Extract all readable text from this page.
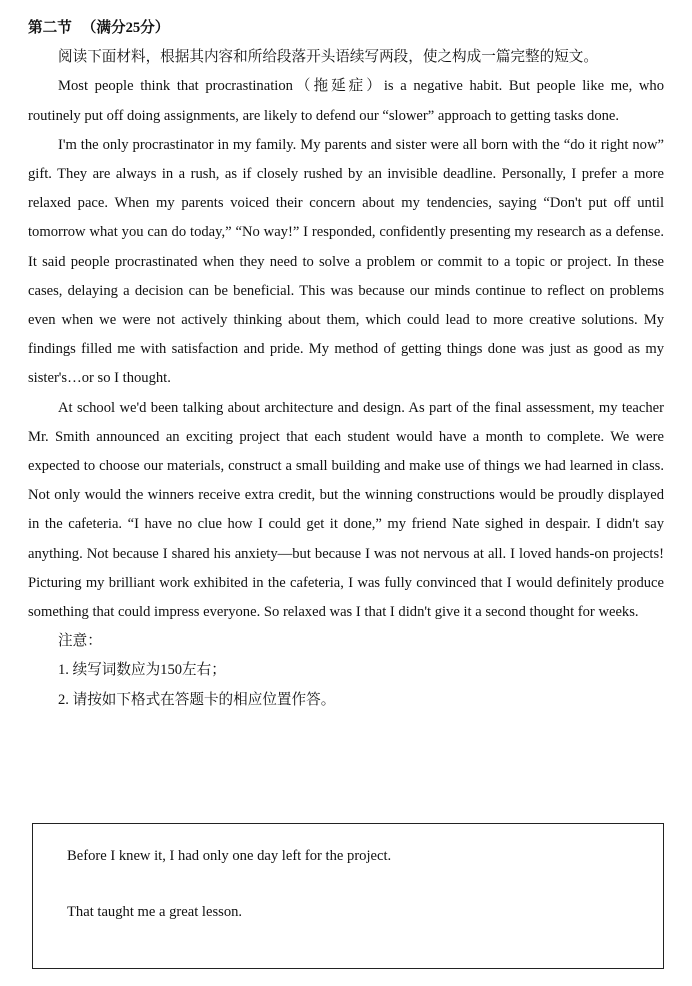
第二节 （满分25分）

阅读下面材料，根据其内容和所给段落开头语续写两段，使之构成一篇完整的短文。

Most people think that procrastination（拖延症）is a negative habit. But people like me, who routinely put off doing assignments, are likely to defend our “slower” approach to getting tasks done.

I'm the only procrastinator in my family. My parents and sister were all born with the “do it right now” gift. They are always in a rush, as if closely rushed by an invisible deadline. Personally, I prefer a more relaxed pace. When my parents voiced their concern about my tendencies, saying “Don't put off until tomorrow what you can do today,” “No way!” I responded, confidently presenting my research as a defense. It said people procrastinated when they need to solve a problem or commit to a topic or project. In these cases, delaying a decision can be beneficial. This was because our minds continue to reflect on problems even when we were not actively thinking about them, which could lead to more creative solutions. My findings filled me with satisfaction and pride. My method of getting things done was just as good as my sister's…or so I thought.

At school we'd been talking about architecture and design. As part of the final assessment, my teacher Mr. Smith announced an exciting project that each student would have a month to complete. We were expected to choose our materials, construct a small building and make use of things we had learned in class. Not only would the winners receive extra credit, but the winning constructions would be proudly displayed in the cafeteria. “I have no clue how I could get it done,” my friend Nate sighed in despair. I didn't say anything. Not because I shared his anxiety—but because I was not nervous at all. I loved hands-on projects! Picturing my brilliant work exhibited in the cafeteria, I was fully convinced that I would definitely produce something that could impress everyone. So relaxed was I that I didn't give it a second thought for weeks.

注意：
1. 续写词数应为150左右；
2. 请按如下格式在答题卡的相应位置作答。

Before I knew it, I had only one day left for the project.

That taught me a great lesson.
